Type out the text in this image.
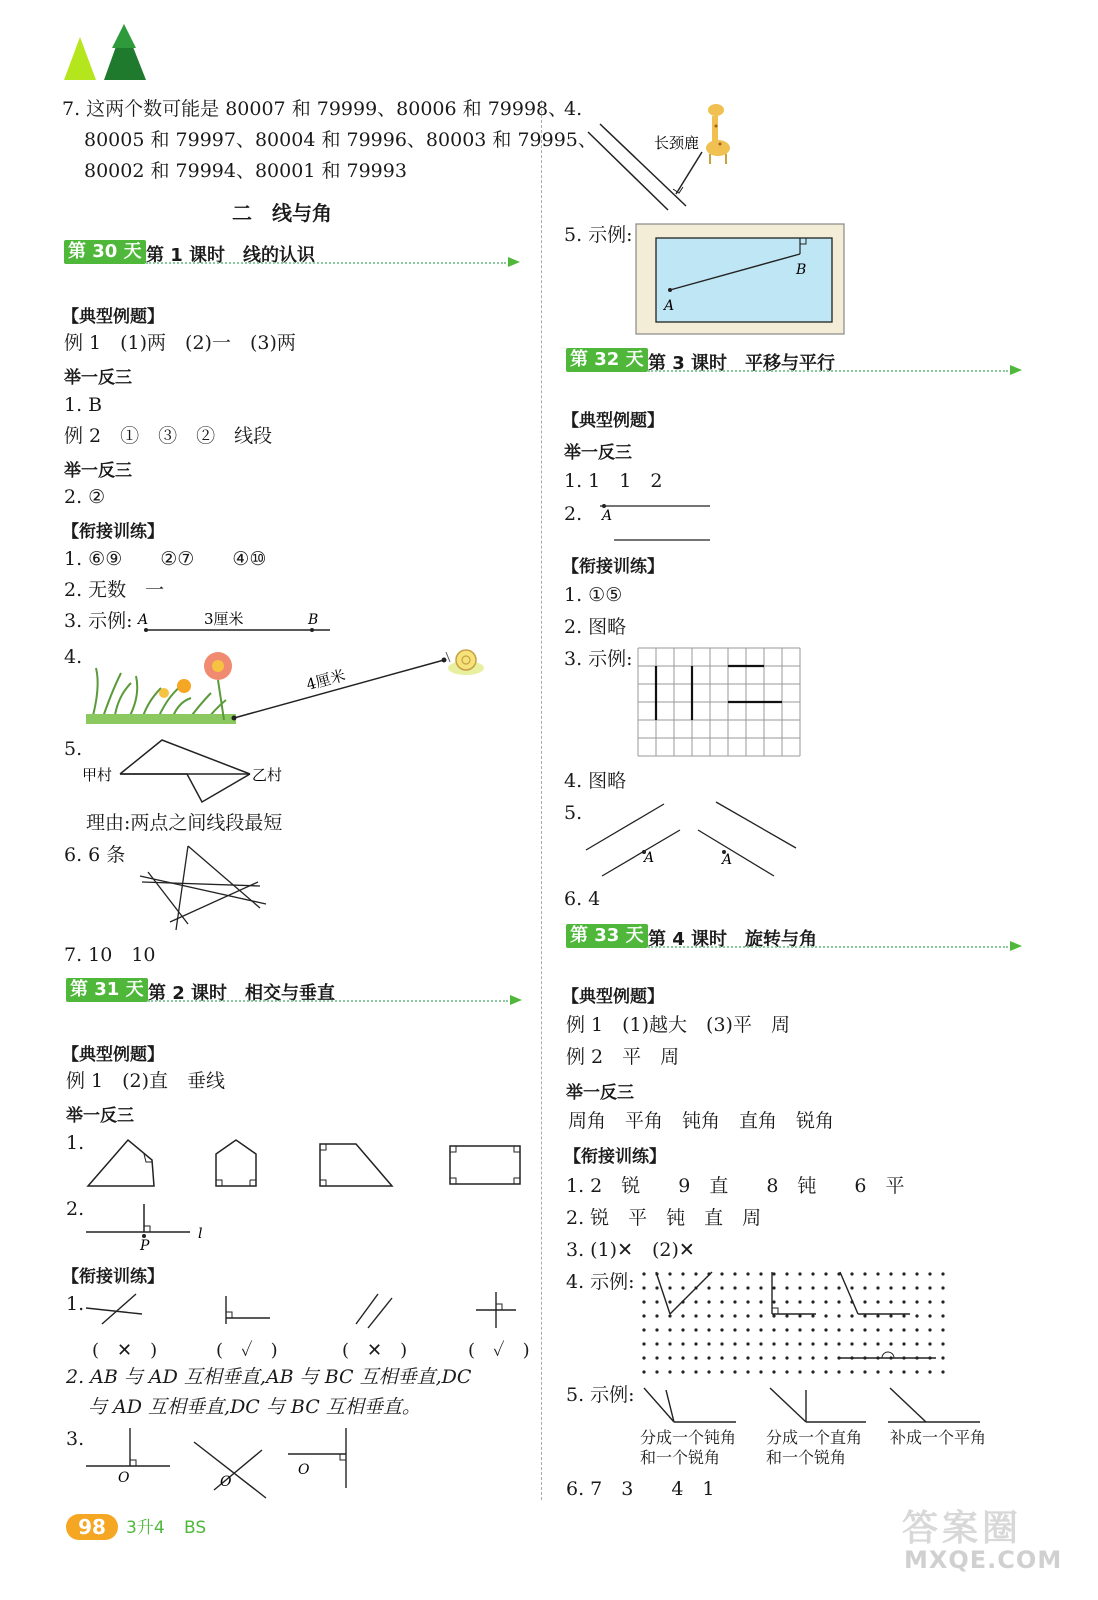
7. 这两个数可能是 80007 和 79999、80006 和 79998、
80005 和 79997、80004 和 79996、80003 和 79995、
80002 和 79994、80001 和 79993
二　线与角
第 30 天 第 1 课时　线的认识
【典型例题】
例 1　(1)两　(2)一　(3)两
举一反三
1. B
例 2　①　③　②　线段
举一反三
2. ②
【衔接训练】
1. ⑥⑨　　②⑦　　④⑩
2. 无数　一
3. 示例: A	B
3厘米
4.
4厘米
5.
甲村	乙村
理由:两点之间线段最短
6. 6 条
7. 10　10
第 31 天 第 2 课时　相交与垂直
【典型例题】
例 1　(2)直　垂线
举一反三
1.
2.
P
l
【衔接训练】
1.
(　✕　)	(　✓　)	(　✕　)	(　✓　)
2. AB 与 AD 互相垂直,AB 与 BC 互相垂直,DC
与 AD 互相垂直,DC 与 BC 互相垂直。
3.
O	O
O
98	3升4 BS
4.
长颈鹿
5. 示例:
A
B
第 32 天 第 3 课时　平移与平行
【典型例题】
举一反三
1. 1　1　2
2. A
【衔接训练】
1. ①⑤
2. 图略
3. 示例:
4. 图略
5.
A	A
6. 4
第 33 天 第 4 课时　旋转与角
【典型例题】
例 1　(1)越大　(3)平　周
例 2　平　周
举一反三
周角　平角　钝角　直角　锐角
【衔接训练】
1. 2　锐　　9　直　　8　钝　　6　平
2. 锐　平　钝　直　周
3. (1)✕　(2)✕
4. 示例:
5. 示例:
分成一个钝角
和一个锐角
分成一个直角
和一个锐角
补成一个平角
6. 7　3　　4　1
答案圈
MXQE.COM
